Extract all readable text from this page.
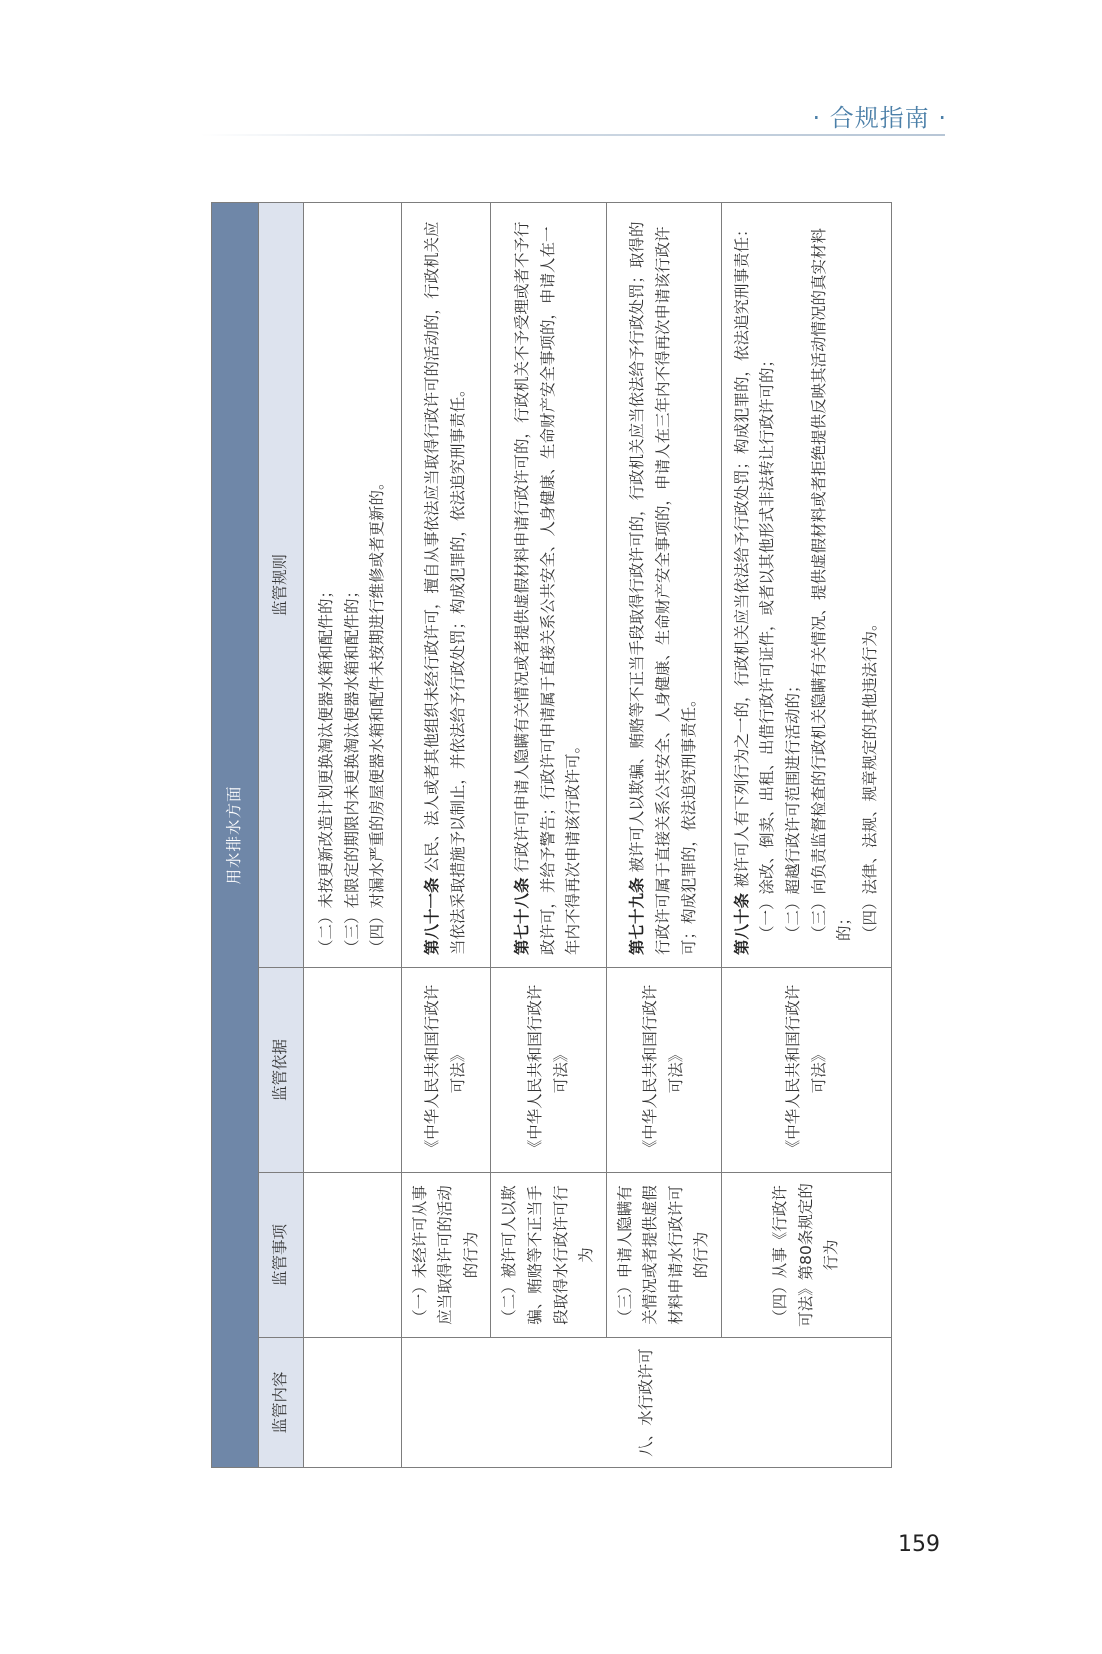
· 合规指南 ·
用水排水方面			
监管内容	监管事项	监管依据	监管规则

			（二）未按更新改造计划更换淘汰便器水箱和配件的； （三）在限定的期限内未更换淘汰便器水箱和配件的； （四）对漏水严重的房屋便器水箱和配件未按期进行维修或者更新的。

八、水行政许可	（一）未经许可从事应当取得许可的活动的行为	《中华人民共和国行政许可法》	第八十一条 公民、法人或者其他组织未经行政许可，擅自从事依法应当取得行政许可的活动的，行政机关应当依法采取措施予以制止，并依法给予行政处罚；构成犯罪的，依法追究刑事责任。
	（二）被许可人以欺骗、贿赂等不正当手段取得水行政许可行为	《中华人民共和国行政许可法》	第七十八条 行政许可申请人隐瞒有关情况或者提供虚假材料申请行政许可的，行政机关不予受理或者不予行政许可，并给予警告；行政许可申请属于直接关系公共安全、人身健康、生命财产安全事项的，申请人在一年内不得再次申请该行政许可。
	（三）申请人隐瞒有关情况或者提供虚假材料申请水行政许可的行为	《中华人民共和国行政许可法》	第七十九条 被许可人以欺骗、贿赂等不正当手段取得行政许可的，行政机关应当依法给予行政处罚；取得的行政许可属于直接关系公共安全、人身健康、生命财产安全事项的，申请人在三年内不得再次申请该行政许可；构成犯罪的，依法追究刑事责任。
	（四）从事《行政许可法》第80条规定的行为	《中华人民共和国行政许可法》	第八十条 被许可人有下列行为之一的，行政机关应当依法给予行政处罚；构成犯罪的，依法追究刑事责任： （一）涂改、倒卖、出租、出借行政许可证件，或者以其他形式非法转让行政许可的； （二）超越行政许可范围进行活动的； （三）向负责监督检查的行政机关隐瞒有关情况、提供虚假材料或者拒绝提供反映其活动情况的真实材料的； （四）法律、法规、规章规定的其他违法行为。
159
